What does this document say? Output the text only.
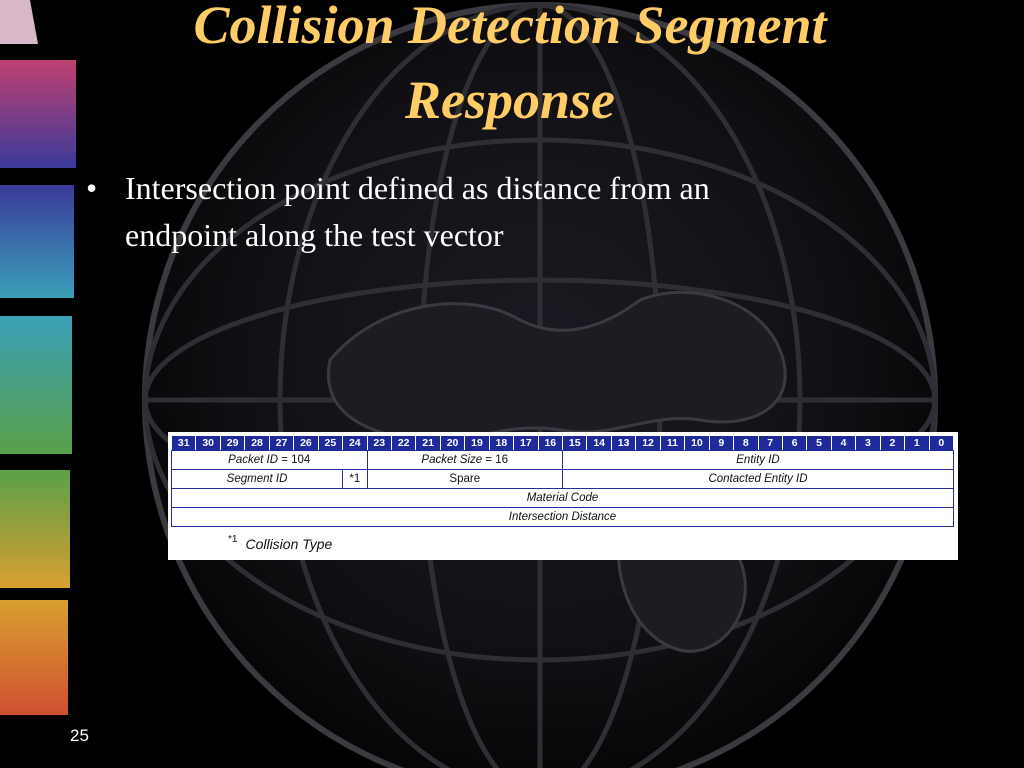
Collision Detection Segment
Response
• Intersection point defined as distance from an
endpoint along the test vector
31	30	29	28	27	26	25	24	23	22	21	20	19	18	17	16	15	14	13	12	11	10	9	8	7	6	5	4	3	2	1	0
Packet ID = 104								Packet Size = 16								Entity ID															
Segment ID							*1	Spare								Contacted Entity ID															
Material Code																															
Intersection Distance																															
$^{*1}$ Collision Type
25
